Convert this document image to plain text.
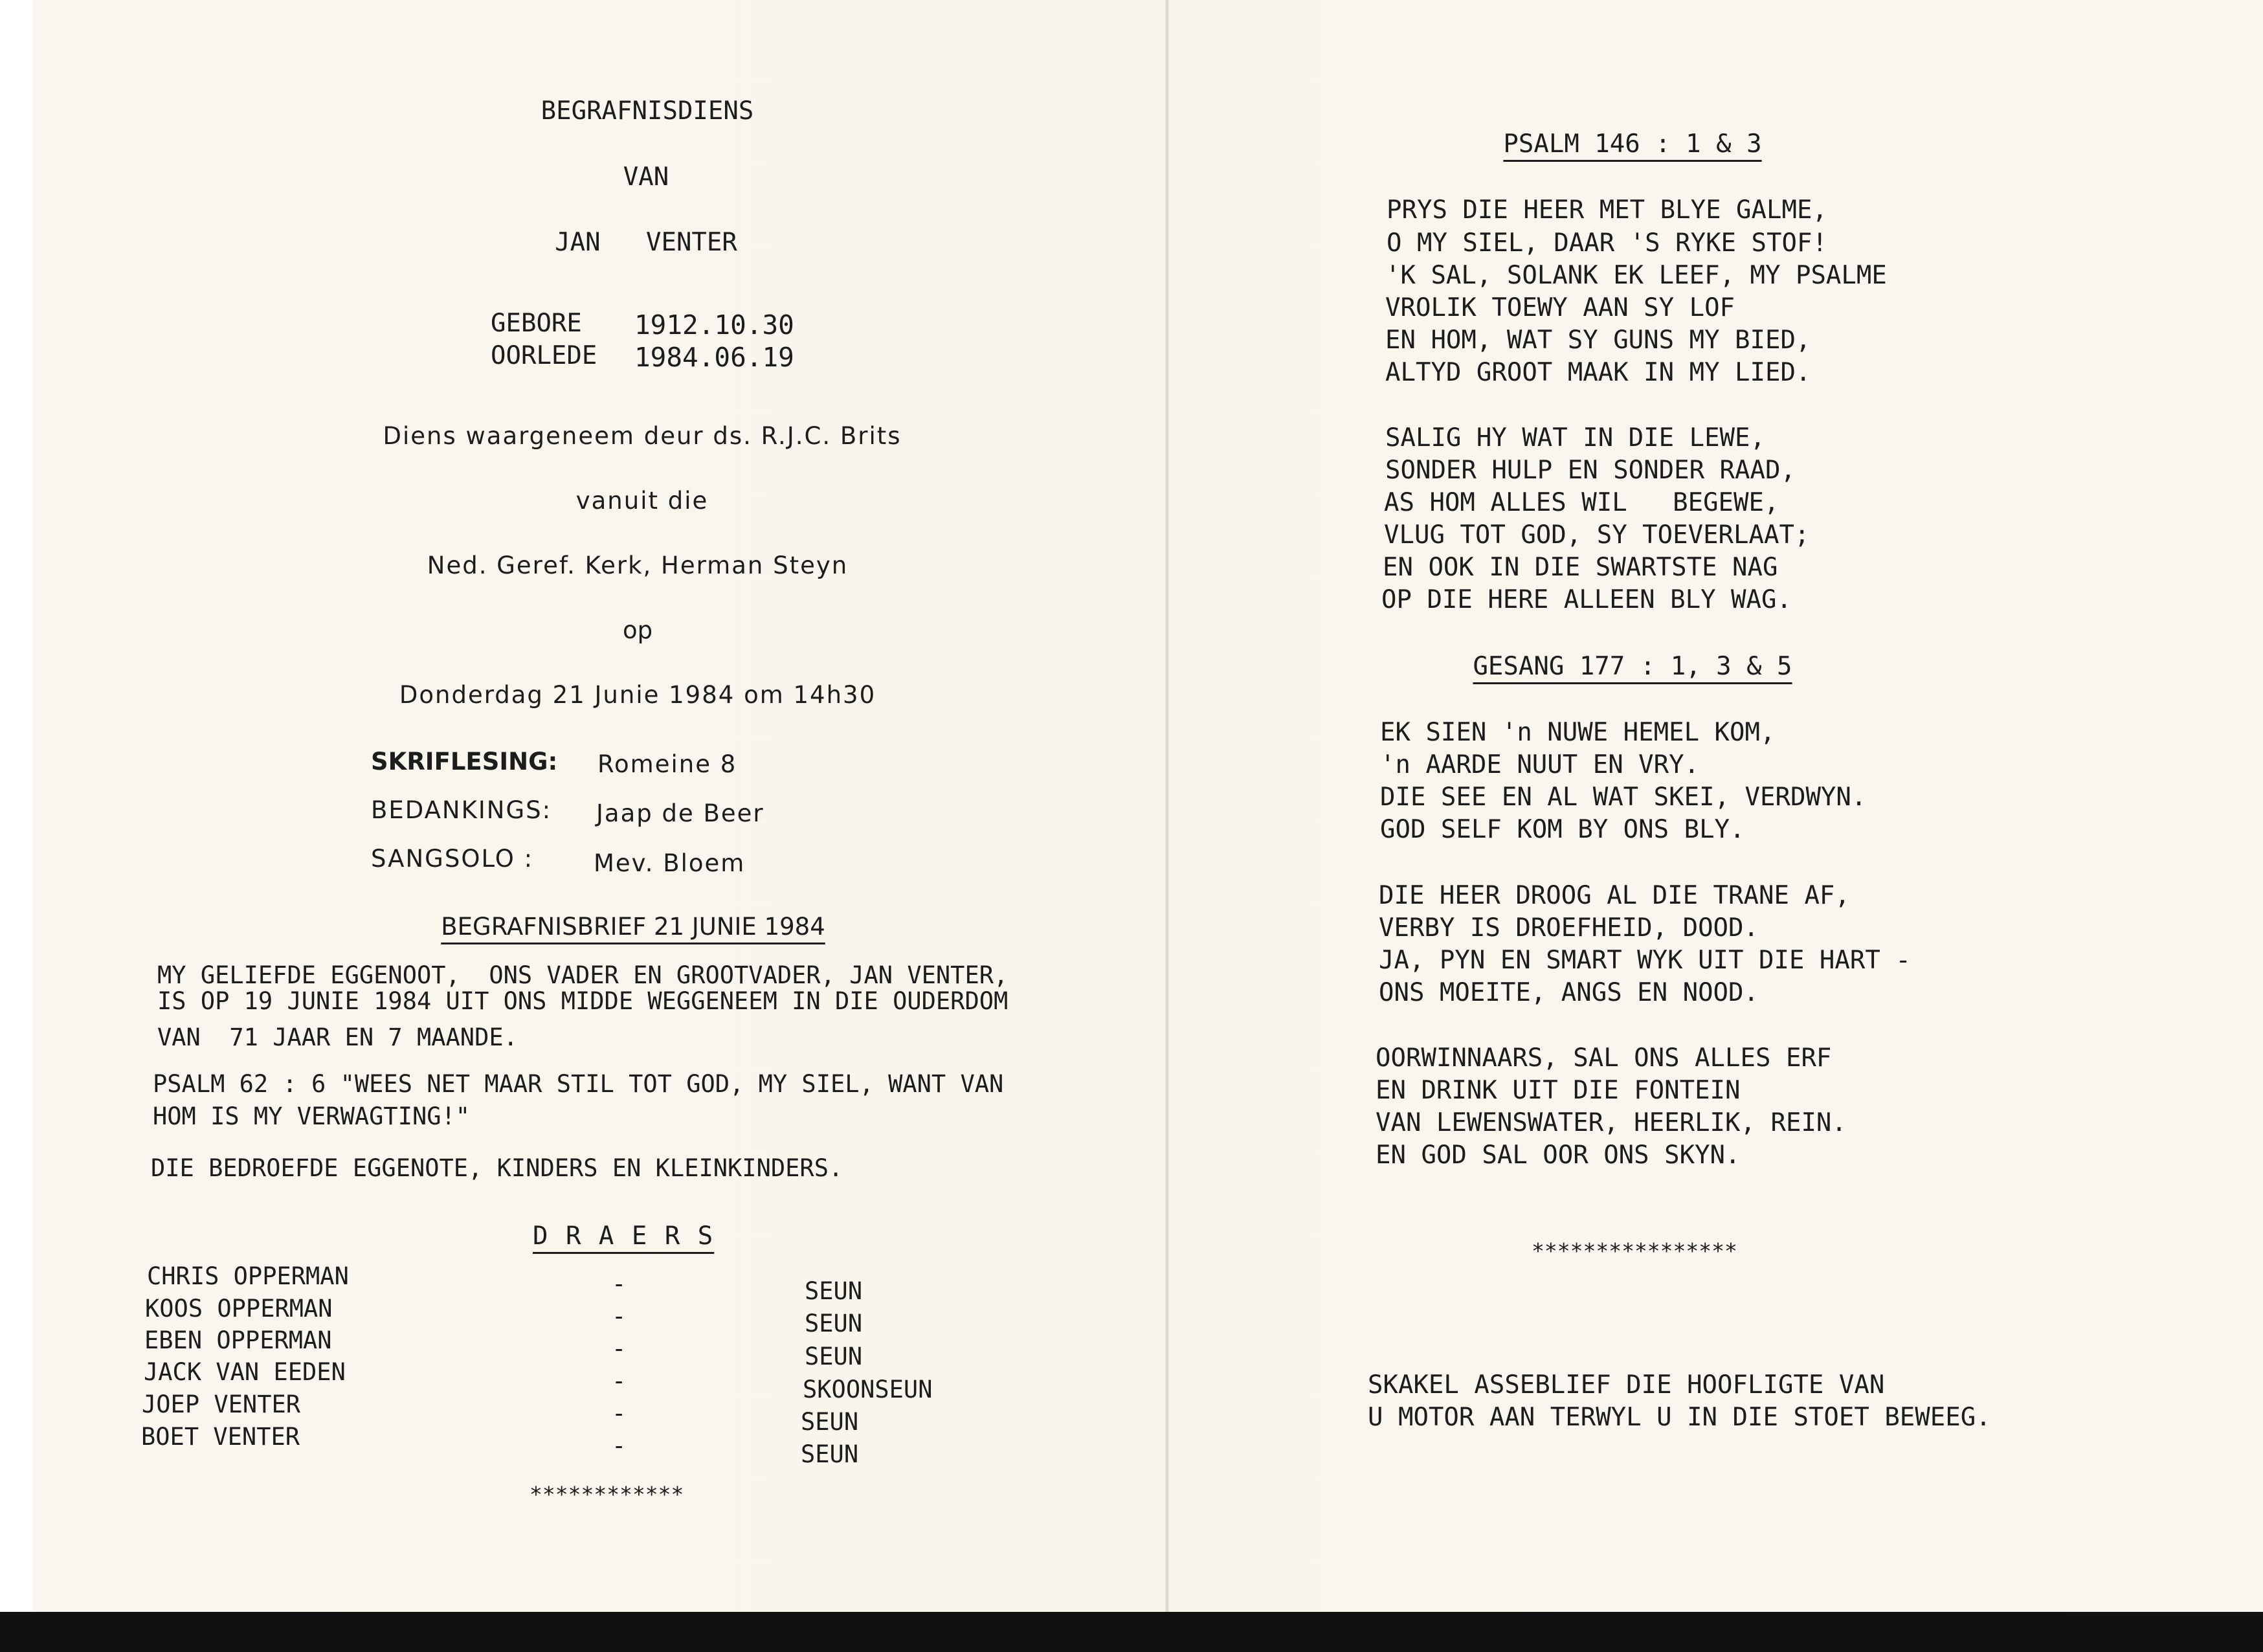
BEGRAFNISDIENS
VAN
JAN   VENTER
GEBORE 1912.10.30
OORLEDE 1984.06.19
Diens waargeneem deur ds. R.J.C. Brits
vanuit die
Ned. Geref. Kerk, Herman Steyn
op
Donderdag 21 Junie 1984 om 14h30
SKRIFLESING: Romeine 8
BEDANKINGS: Jaap de Beer
SANGSOLO :	Mev. Bloem
BEGRAFNISBRIEF 21 JUNIE 1984
MY GELIEFDE EGGENOOT,  ONS VADER EN GROOTVADER, JAN VENTER,
IS OP 19 JUNIE 1984 UIT ONS MIDDE WEGGENEEM IN DIE OUDERDOM
VAN  71 JAAR EN 7 MAANDE.
PSALM 62 : 6 "WEES NET MAAR STIL TOT GOD, MY SIEL, WANT VAN
HOM IS MY VERWAGTING!"
DIE BEDROEFDE EGGENOTE, KINDERS EN KLEINKINDERS.
D R A E R S
CHRIS OPPERMAN	-	SEUN
KOOS OPPERMAN	-	SEUN
EBEN OPPERMAN	-	SEUN
JACK VAN EEDEN	-	SKOONSEUN
JOEP VENTER	-	SEUN
BOET VENTER	-	SEUN
************
PSALM 146 : 1 & 3
PRYS DIE HEER MET BLYE GALME,
O MY SIEL, DAAR 'S RYKE STOF!
'K SAL, SOLANK EK LEEF, MY PSALME
VROLIK TOEWY AAN SY LOF
EN HOM, WAT SY GUNS MY BIED,
ALTYD GROOT MAAK IN MY LIED.
SALIG HY WAT IN DIE LEWE,
SONDER HULP EN SONDER RAAD,
AS HOM ALLES WIL   BEGEWE,
VLUG TOT GOD, SY TOEVERLAAT;
EN OOK IN DIE SWARTSTE NAG
OP DIE HERE ALLEEN BLY WAG.
GESANG 177 : 1, 3 & 5
EK SIEN 'n NUWE HEMEL KOM,
'n AARDE NUUT EN VRY.
DIE SEE EN AL WAT SKEI, VERDWYN.
GOD SELF KOM BY ONS BLY.
DIE HEER DROOG AL DIE TRANE AF,
VERBY IS DROEFHEID, DOOD.
JA, PYN EN SMART WYK UIT DIE HART -
ONS MOEITE, ANGS EN NOOD.
OORWINNAARS, SAL ONS ALLES ERF
EN DRINK UIT DIE FONTEIN
VAN LEWENSWATER, HEERLIK, REIN.
EN GOD SAL OOR ONS SKYN.
****************
SKAKEL ASSEBLIEF DIE HOOFLIGTE VAN
U MOTOR AAN TERWYL U IN DIE STOET BEWEEG.
